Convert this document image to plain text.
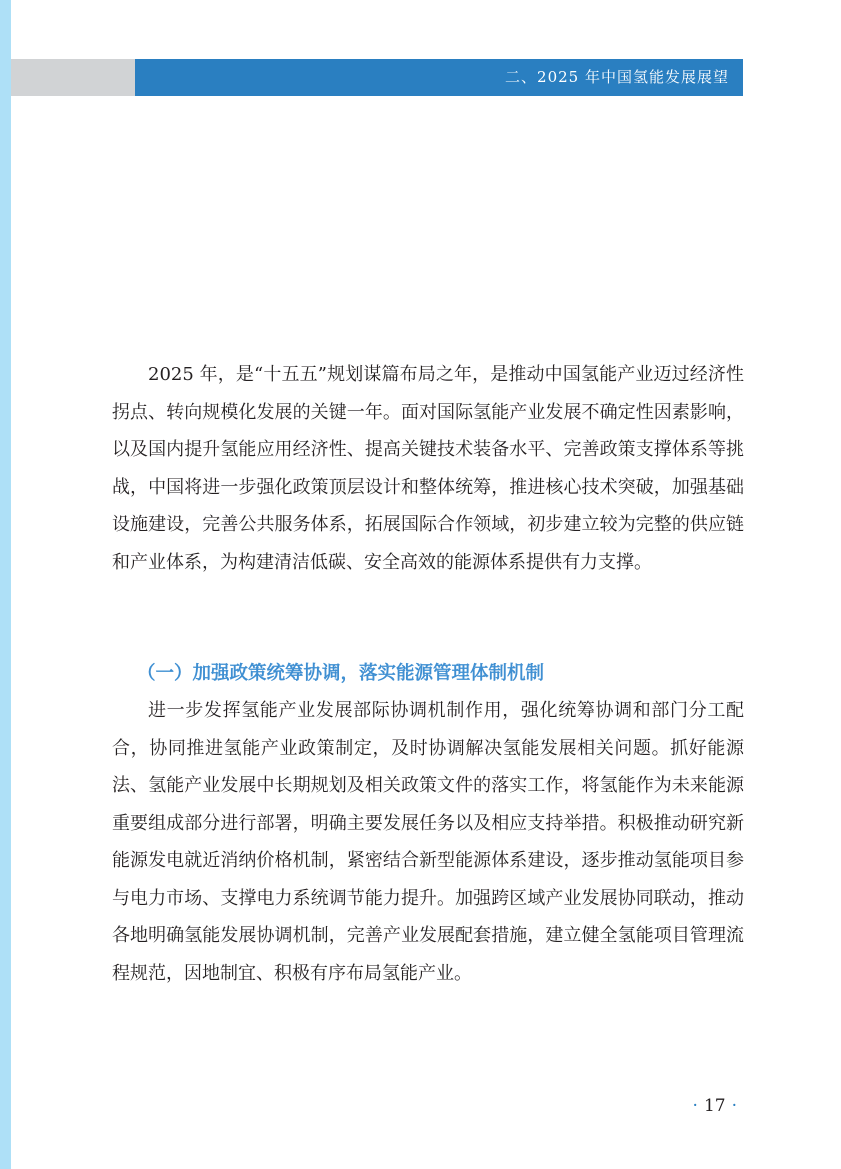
二、2025 年中国氢能发展展望

2025 年，是“十五五”规划谋篇布局之年，是推动中国氢能产业迈过经济性拐点、转向规模化发展的关键一年。面对国际氢能产业发展不确定性因素影响，以及国内提升氢能应用经济性、提高关键技术装备水平、完善政策支撑体系等挑战，中国将进一步强化政策顶层设计和整体统筹，推进核心技术突破，加强基础设施建设，完善公共服务体系，拓展国际合作领域，初步建立较为完整的供应链和产业体系，为构建清洁低碳、安全高效的能源体系提供有力支撑。

（一）加强政策统筹协调，落实能源管理体制机制

进一步发挥氢能产业发展部际协调机制作用，强化统筹协调和部门分工配合，协同推进氢能产业政策制定，及时协调解决氢能发展相关问题。抓好能源法、氢能产业发展中长期规划及相关政策文件的落实工作，将氢能作为未来能源重要组成部分进行部署，明确主要发展任务以及相应支持举措。积极推动研究新能源发电就近消纳价格机制，紧密结合新型能源体系建设，逐步推动氢能项目参与电力市场、支撑电力系统调节能力提升。加强跨区域产业发展协同联动，推动各地明确氢能发展协调机制，完善产业发展配套措施，建立健全氢能项目管理流程规范，因地制宜、积极有序布局氢能产业。

· 17 ·
